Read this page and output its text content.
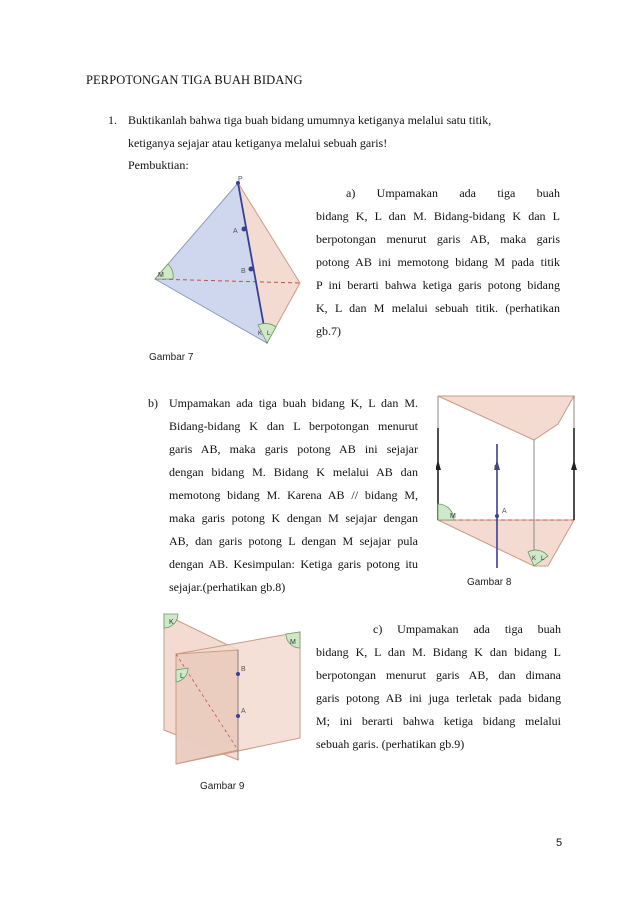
PERPOTONGAN TIGA BUAH BIDANG
1. Buktikanlah bahwa tiga buah bidang umumnya ketiganya melalui satu titik,
ketiganya sejajar atau ketiganya melalui sebuah garis!
Pembuktian:
P
A
B
M
K L
Gambar 7
a) Umpamakan ada tiga buah
bidang K, L dan M. Bidang-bidang K dan L
berpotongan menurut garis AB, maka garis
potong AB ini memotong bidang M pada titik
P ini berarti bahwa ketiga garis potong bidang
K, L dan M melalui sebuah titik. (perhatikan
gb.7)
b) Umpamakan ada tiga buah bidang K, L dan M.
Bidang-bidang K dan L berpotongan menurut
garis AB, maka garis potong AB ini sejajar
dengan bidang M. Bidang K melalui AB dan
memotong bidang M. Karena AB // bidang M,
maka garis potong K dengan M sejajar dengan
AB, dan garis potong L dengan M sejajar pula
dengan AB. Kesimpulan: Ketiga garis potong itu
sejajar.(perhatikan gb.8)
B
A
M
K L
Gambar 8
K
L
M
B
A
Gambar 9
c) Umpamakan ada tiga buah
bidang K, L dan M. Bidang K dan bidang L
berpotongan menurut garis AB, dan dimana
garis potong AB ini juga terletak pada bidang
M; ini berarti bahwa ketiga bidang melalui
sebuah garis. (perhatikan gb.9)
5
